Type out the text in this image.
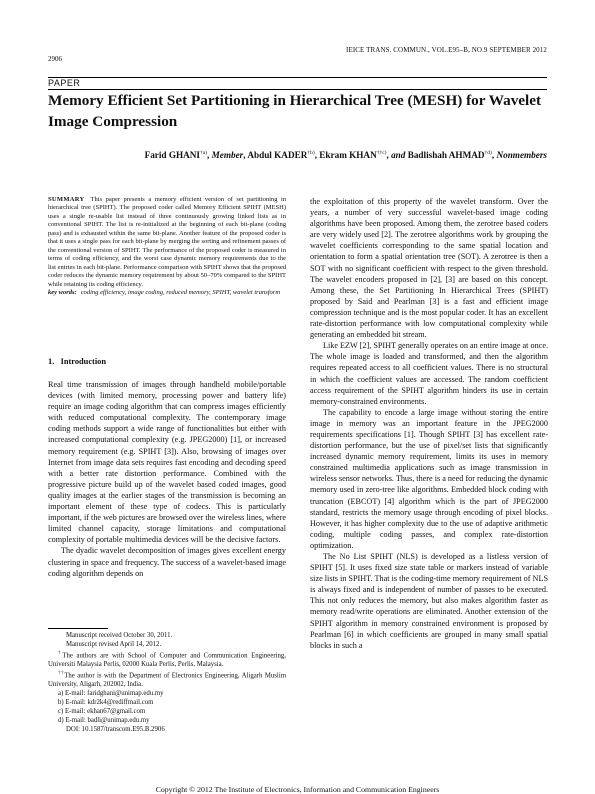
2906
IEICE TRANS. COMMUN., VOL.E95–B, NO.9 SEPTEMBER 2012
PAPER
Memory Efficient Set Partitioning in Hierarchical Tree (MESH) for Wavelet Image Compression
Farid GHANI$^{\dagger a)}$, Member, Abdul KADER$^{\dagger b)}$, Ekram KHAN$^{\dagger\dagger c)}$, and Badlishah AHMAD$^{\dagger d)}$, Nonmembers
SUMMARY This paper presents a memory efficient version of set partitioning in hierarchical tree (SPIHT). The proposed coder called Memory Efficient SPIHT (MESH) uses a single re-usable list instead of three continuously growing linked lists as in conventional SPIHT. The list is re-initialized at the beginning of each bit-plane (coding pass) and is exhausted within the same bit-plane. Another feature of the proposed coder is that it uses a single pass for each bit-plane by merging the sorting and refinement passes of the conventional version of SPIHT. The performance of the proposed coder is measured in terms of coding efficiency, and the worst case dynamic memory requirements due to the list entries in each bit-plane. Performance comparison with SPIHT shows that the proposed coder reduces the dynamic memory requirement by about 50–70% compared to the SPIHT while retaining its coding efficiency.
key words: coding efficiency, image coding, reduced memory, SPIHT, wavelet transform
1. Introduction

Real time transmission of images through handheld mobile/portable devices (with limited memory, processing power and battery life) require an image coding algorithm that can compress images efficiently with reduced computational complexity. The contemporary image coding methods support a wide range of functionalities but either with increased computational complexity (e.g. JPEG2000) [1], or increased memory requirement (e.g. SPIHT [3]). Also, browsing of images over Internet from image data sets requires fast encoding and decoding speed with a better rate distortion performance. Combined with the progressive picture build up of the wavelet based coded images, good quality images at the earlier stages of the transmission is becoming an important element of these type of codecs. This is particularly important, if the web pictures are browsed over the wireless lines, where limited channel capacity, storage limitations and computational complexity of portable multimedia devices will be the decisive factors.

The dyadic wavelet decomposition of images gives excellent energy clustering in space and frequency. The success of a wavelet-based image coding algorithm depends on

the exploitation of this property of the wavelet transform. Over the years, a number of very successful wavelet-based image coding algorithms have been proposed. Among them, the zerotree based coders are very widely used [2]. The zerotree algorithms work by grouping the wavelet coefficients corresponding to the same spatial location and orientation to form a spatial orientation tree (SOT). A zerotree is then a SOT with no significant coefficient with respect to the given threshold. The wavelet encoders proposed in [2], [3] are based on this concept. Among these, the Set Partitioning In Hierarchical Trees (SPIHT) proposed by Said and Pearlman [3] is a fast and efficient image compression technique and is the most popular coder. It has an excellent rate-distortion performance with low computational complexity while generating an embedded bit stream.

Like EZW [2], SPIHT generally operates on an entire image at once. The whole image is loaded and transformed, and then the algorithm requires repeated access to all coefficient values. There is no structural in which the coefficient values are accessed. The random coefficient access requirement of the SPIHT algorithm hinders its use in certain memory-constrained environments.

The capability to encode a large image without storing the entire image in memory was an important feature in the JPEG2000 requirements specifications [1]. Though SPIHT [3] has excellent rate-distortion performance, but the use of pixel/set lists that significantly increased dynamic memory requirement, limits its uses in memory constrained multimedia applications such as image transmission in wireless sensor networks. Thus, there is a need for reducing the dynamic memory used in zero-tree like algorithms. Embedded block coding with truncation (EBCOT) [4] algorithm which is the part of JPEG2000 standard, restricts the memory usage through encoding of pixel blocks. However, it has higher complexity due to the use of adaptive arithmetic coding, multiple coding passes, and complex rate-distortion optimization.

The No List SPIHT (NLS) is developed as a listless version of SPIHT [5]. It uses fixed size state table or markers instead of variable size lists in SPIHT. That is the coding-time memory requirement of NLS is always fixed and is independent of number of passes to be executed. This not only reduces the memory, but also makes algorithm faster as memory read/write operations are eliminated. Another extension of the SPIHT algorithm in memory constrained environment is proposed by Pearlman [6] in which coefficients are grouped in many small spatial blocks in such a

Manuscript received October 30, 2011.
Manuscript revised April 14, 2012.
†The authors are with School of Computer and Communication Engineering, Universiti Malaysia Perlis, 02000 Kuala Perlis, Perlis, Malaysia.
††The author is with the Department of Electronics Engineering, Aligarh Muslim University, Aligarh, 202002, India.
a) E-mail: faridghani@unimap.edu.my
b) E-mail: kdr2k4@rediffmail.com
c) E-mail: ekhan67@gmail.com
d) E-mail: badli@unimap.edu.my
DOI: 10.1587/transcom.E95.B.2906
Copyright © 2012 The Institute of Electronics, Information and Communication Engineers
